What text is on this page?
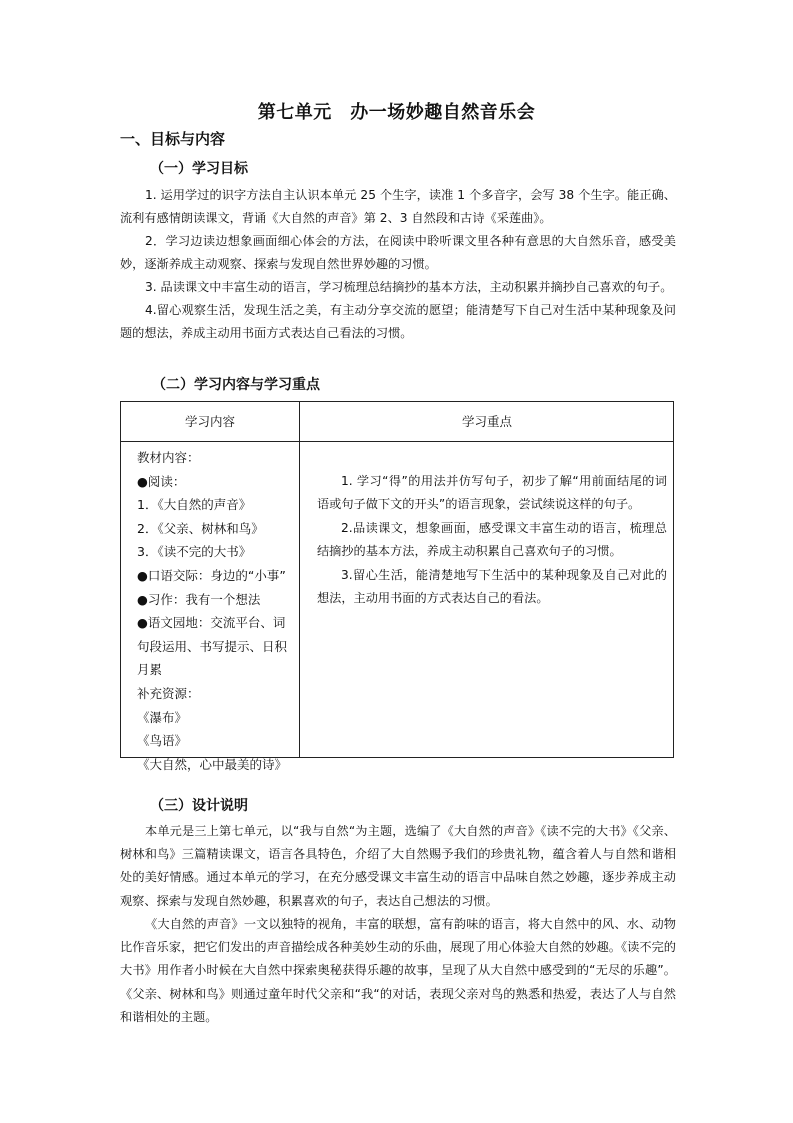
第七单元　办一场妙趣自然音乐会
一、目标与内容
（一）学习目标

1. 运用学过的识字方法自主认识本单元 25 个生字，读准 1 个多音字，会写 38 个生字。能正确、流利有感情朗读课文，背诵《大自然的声音》第 2、3 自然段和古诗《采莲曲》。

2．学习边读边想象画面细心体会的方法，在阅读中聆听课文里各种有意思的大自然乐音，感受美妙，逐渐养成主动观察、探索与发现自然世界妙趣的习惯。

3. 品读课文中丰富生动的语言，学习梳理总结摘抄的基本方法，主动积累并摘抄自己喜欢的句子。

4.留心观察生活，发现生活之美，有主动分享交流的愿望；能清楚写下自己对生活中某种现象及问题的想法，养成主动用书面方式表达自己看法的习惯。

（二）学习内容与学习重点
学习内容	学习重点
教材内容：
●阅读：
1．《大自然的声音》
2．《父亲、树林和鸟》
3．《读不完的大书》
●口语交际：身边的“小事”
●习作：我有一个想法
●语文园地：交流平台、词句段运用、书写提示、日积月累
补充资源：
《瀑布》
《鸟语》
《大自然，心中最美的诗》

1. 学习“得”的用法并仿写句子，初步了解“用前面结尾的词语或句子做下文的开头”的语言现象，尝试续说这样的句子。

2.品读课文，想象画面，感受课文丰富生动的语言，梳理总结摘抄的基本方法，养成主动积累自己喜欢句子的习惯。

3.留心生活，能清楚地写下生活中的某种现象及自己对此的想法，主动用书面的方式表达自己的看法。

（三）设计说明

本单元是三上第七单元，以“我与自然“为主题，选编了《大自然的声音》《读不完的大书》《父亲、树林和鸟》三篇精读课文，语言各具特色，介绍了大自然赐予我们的珍贵礼物，蕴含着人与自然和谐相处的美好情感。通过本单元的学习，在充分感受课文丰富生动的语言中品味自然之妙趣，逐步养成主动观察、探索与发现自然妙趣，积累喜欢的句子，表达自己想法的习惯。

《大自然的声音》一文以独特的视角，丰富的联想，富有韵味的语言，将大自然中的风、水、动物比作音乐家，把它们发出的声音描绘成各种美妙生动的乐曲，展现了用心体验大自然的妙趣。《读不完的大书》用作者小时候在大自然中探索奥秘获得乐趣的故事，呈现了从大自然中感受到的“无尽的乐趣”。《父亲、树林和鸟》则通过童年时代父亲和“我“的对话，表现父亲对鸟的熟悉和热爱，表达了人与自然和谐相处的主题。
